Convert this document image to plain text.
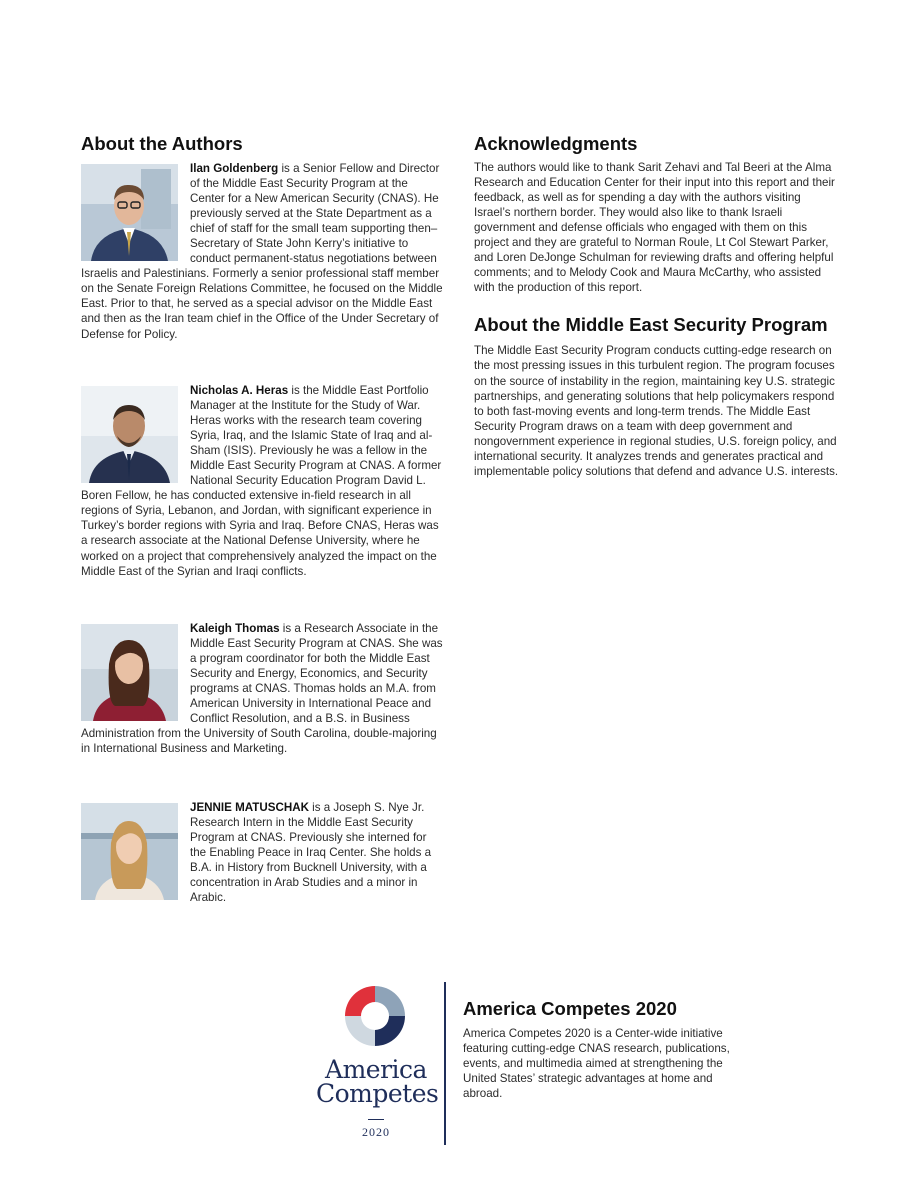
About the Authors

Ilan Goldenberg is a Senior Fellow and Director of the Middle East Security Program at the Center for a New American Security (CNAS). He previously served at the State Department as a chief of staff for the small team supporting then–Secretary of State John Kerry’s initiative to conduct permanent-status negotiations between Israelis and Palestinians. Formerly a senior professional staff member on the Senate Foreign Relations Committee, he focused on the Middle East. Prior to that, he served as a special advisor on the Middle East and then as the Iran team chief in the Office of the Under Secretary of Defense for Policy.

Nicholas A. Heras is the Middle East Portfolio Manager at the Institute for the Study of War. Heras works with the research team covering Syria, Iraq, and the Islamic State of Iraq and al-Sham (ISIS). Previously he was a fellow in the Middle East Security Program at CNAS. A former National Security Education Program David L. Boren Fellow, he has conducted extensive in-field research in all regions of Syria, Lebanon, and Jordan, with significant experience in Turkey’s border regions with Syria and Iraq. Before CNAS, Heras was a research associate at the National Defense University, where he worked on a project that comprehensively analyzed the impact on the Middle East of the Syrian and Iraqi conflicts.

Kaleigh Thomas is a Research Associate in the Middle East Security Program at CNAS. She was a program coordinator for both the Middle East Security and Energy, Economics, and Security programs at CNAS. Thomas holds an M.A. from American University in International Peace and Conflict Resolution, and a B.S. in Business Administration from the University of South Carolina, double-majoring in International Business and Marketing.

JENNIE MATUSCHAK is a Joseph S. Nye Jr. Research Intern in the Middle East Security Program at CNAS. Previously she interned for the Enabling Peace in Iraq Center. She holds a B.A. in History from Bucknell University, with a concentration in Arab Studies and a minor in Arabic.

Acknowledgments

The authors would like to thank Sarit Zehavi and Tal Beeri at the Alma Research and Education Center for their input into this report and their feedback, as well as for spending a day with the authors visiting Israel’s northern border. They would also like to thank Israeli government and defense officials who engaged with them on this project and they are grateful to Norman Roule, Lt Col Stewart Parker, and Loren DeJonge Schulman for reviewing drafts and offering helpful comments; and to Melody Cook and Maura McCarthy, who assisted with the production of this report.

About the Middle East Security Program

The Middle East Security Program conducts cutting-edge research on the most pressing issues in this turbulent region. The program focuses on the source of instability in the region, maintaining key U.S. strategic partnerships, and generating solutions that help policymakers respond to both fast-moving events and long-term trends. The Middle East Security Program draws on a team with deep government and nongovernment experience in regional studies, U.S. foreign policy, and international security. It analyzes trends and generates practical and implementable policy solutions that defend and advance U.S. interests.

America
Competes
2020
America Competes 2020

America Competes 2020 is a Center-wide initiative featuring cutting-edge CNAS research, publications, events, and multimedia aimed at strengthening the United States’ strategic advantages at home and abroad.
